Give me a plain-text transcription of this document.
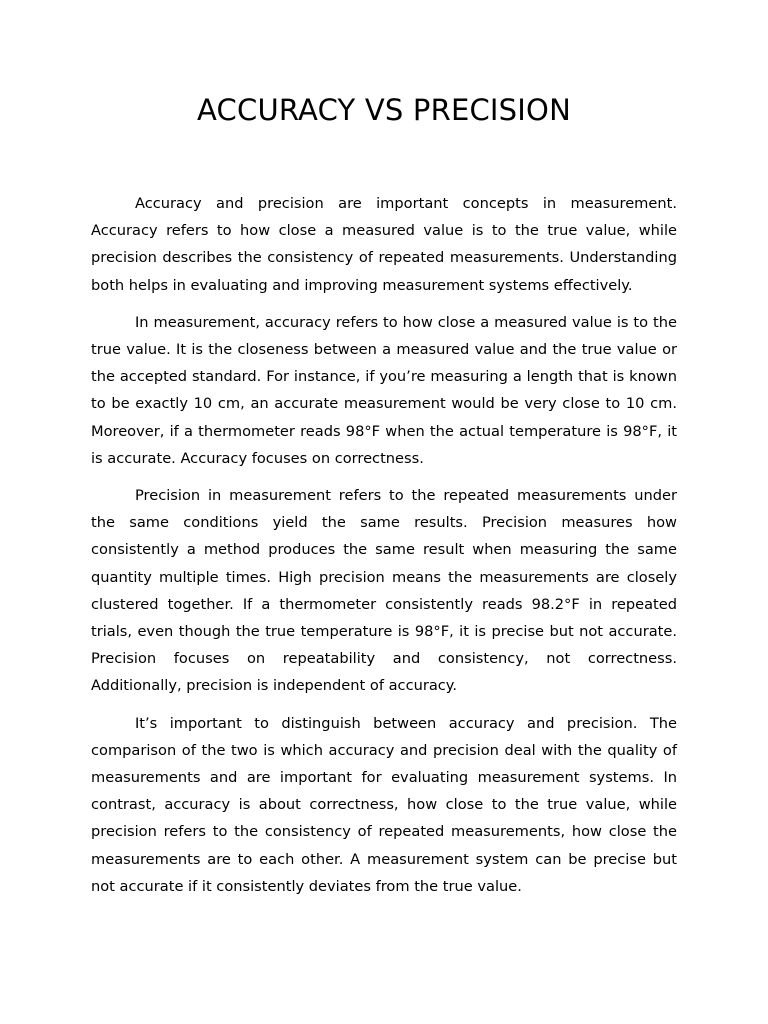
ACCURACY VS PRECISION

Accuracy and precision are important concepts in measurement. Accuracy refers to how close a measured value is to the true value, while precision describes the consistency of repeated measurements. Understanding both helps in evaluating and improving measurement systems effectively.

In measurement, accuracy refers to how close a measured value is to the true value. It is the closeness between a measured value and the true value or the accepted standard. For instance, if you’re measuring a length that is known to be exactly 10 cm, an accurate measurement would be very close to 10 cm. Moreover, if a thermometer reads 98°F when the actual temperature is 98°F, it is accurate. Accuracy focuses on correctness.

Precision in measurement refers to the repeated measurements under the same conditions yield the same results. Precision measures how consistently a method produces the same result when measuring the same quantity multiple times. High precision means the measurements are closely clustered together. If a thermometer consistently reads 98.2°F in repeated trials, even though the true temperature is 98°F, it is precise but not accurate. Precision focuses on repeatability and consistency, not correctness. Additionally, precision is independent of accuracy.

It’s important to distinguish between accuracy and precision. The comparison of the two is which accuracy and precision deal with the quality of measurements and are important for evaluating measurement systems. In contrast, accuracy is about correctness, how close to the true value, while precision refers to the consistency of repeated measurements, how close the measurements are to each other. A measurement system can be precise but not accurate if it consistently deviates from the true value.
